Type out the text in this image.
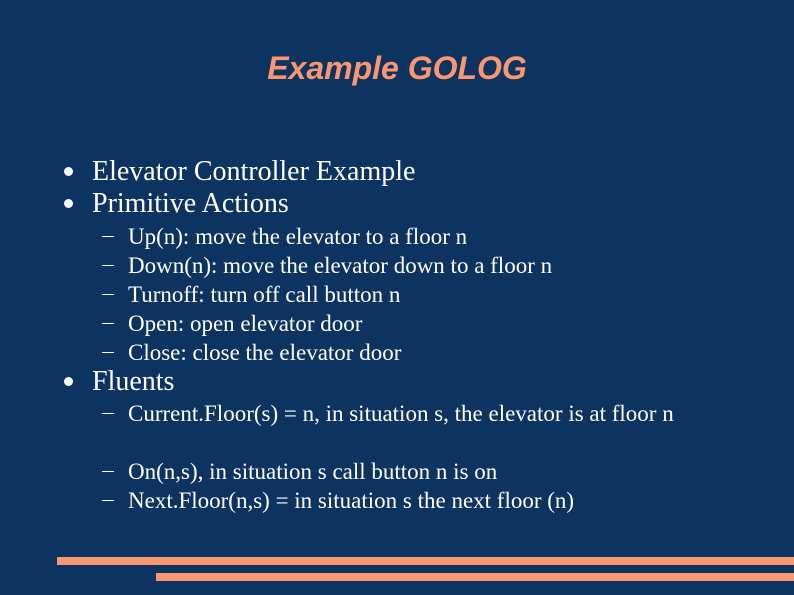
Example GOLOG
Elevator Controller Example
Primitive Actions
Up(n): move the elevator to a floor n
Down(n): move the elevator down to a floor n
Turnoff: turn off call button n
Open: open elevator door
Close: close the elevator door
Fluents
Current.Floor(s) = n, in situation s, the elevator is at floor n
On(n,s), in situation s call button n is on
Next.Floor(n,s) = in situation s the next floor (n)
